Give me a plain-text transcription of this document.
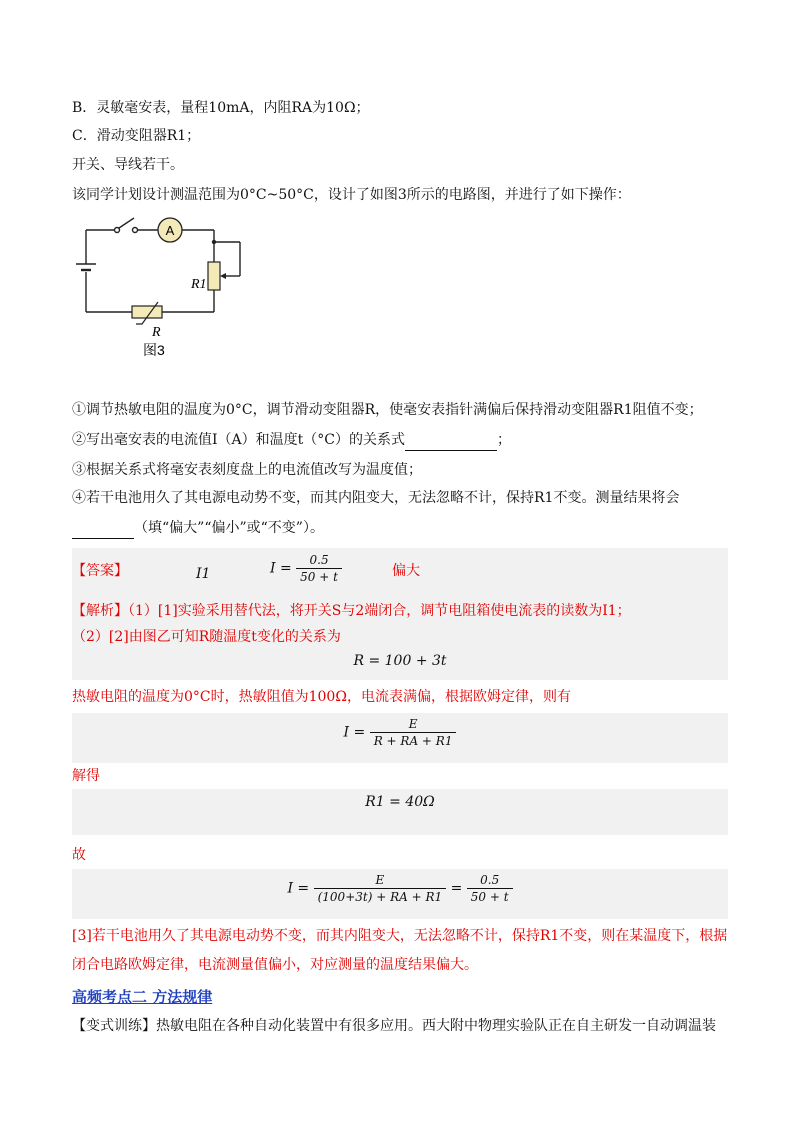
B．灵敏毫安表，量程10mA，内阻RA为10Ω；
C．滑动变阻器R1；
开关、导线若干。
该同学计划设计测温范围为0°C~50°C，设计了如图3所示的电路图，并进行了如下操作：
A
R1
R
图3
①调节热敏电阻的温度为0°C，调节滑动变阻器R，使毫安表指针满偏后保持滑动变阻器R1阻值不变；
②写出毫安表的电流值I（A）和温度t（°C）的关系式	；
③根据关系式将毫安表刻度盘上的电流值改写为温度值；
④若干电池用久了其电源电动势不变，而其内阻变大，无法忽略不计，保持R1不变。测量结果将会
（填“偏大”“偏小”或“不变”）。
【答案】	I1	$I = \frac{0.5}{50 + t}$	偏大
【解析】（1）[1]实验采用替代法，将开关S与2端闭合，调节电阻箱使电流表的读数为I1；
（2）[2]由图乙可知R随温度t变化的关系为
R = 100 + 3t
热敏电阻的温度为0°C时，热敏阻值为100Ω，电流表满偏，根据欧姆定律，则有
$I = \frac{E}{R + RA + R1}$
解得
R1 = 40Ω
故
$I = \frac{E}{(100+3t) + RA + R1} = \frac{0.5}{50 + t}$
[3]若干电池用久了其电源电动势不变，而其内阻变大，无法忽略不计，保持R1不变，则在某温度下，根据
闭合电路欧姆定律，电流测量值偏小，对应测量的温度结果偏大。
高频考点二 方法规律
【变式训练】热敏电阻在各种自动化装置中有很多应用。西大附中物理实验队正在自主研发一自动调温装
